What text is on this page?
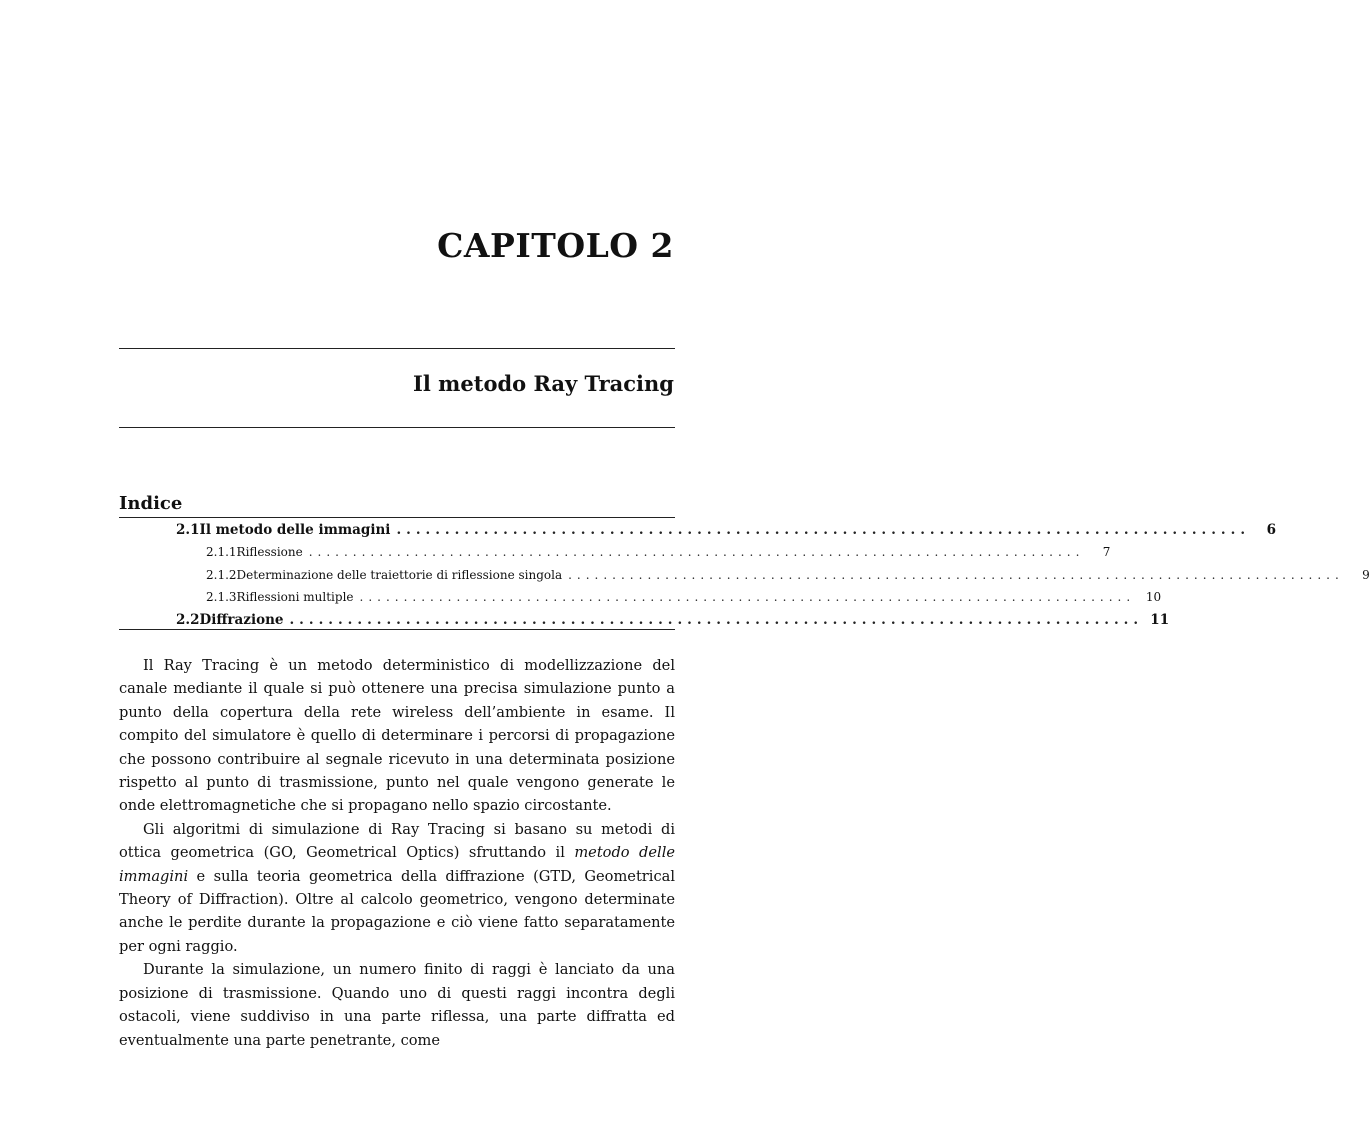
CAPITOLO 2
Il metodo Ray Tracing
Indice
2.1 Il metodo delle immagini ........................................................................................	6
2.1.1 Riflessione ........................................................................................	7
2.1.2 Determinazione delle traiettorie di riflessione singola ........................................................................................	9
2.1.3 Riflessioni multiple ........................................................................................ 10
2.2 Diffrazione ........................................................................................ 11

Il Ray Tracing è un metodo deterministico di modellizzazione del canale mediante il quale si può ottenere una precisa simulazione punto a punto della copertura della rete wireless dell’ambiente in esame. Il compito del simulatore è quello di determinare i percorsi di propagazione che possono contribuire al segnale ricevuto in una determinata posizione rispetto al punto di trasmissione, punto nel quale vengono generate le onde elettromagnetiche che si propagano nello spazio circostante.

Gli algoritmi di simulazione di Ray Tracing si basano su metodi di ottica geometrica (GO, Geometrical Optics) sfruttando il metodo delle immagini e sulla teoria geometrica della diffrazione (GTD, Geometrical Theory of Diffraction). Oltre al calcolo geometrico, vengono determinate anche le perdite durante la propagazione e ciò viene fatto separatamente per ogni raggio.

Durante la simulazione, un numero finito di raggi è lanciato da una posizione di trasmissione. Quando uno di questi raggi incontra degli ostacoli, viene suddiviso in una parte riflessa, una parte diffratta ed eventualmente una parte penetrante, come
